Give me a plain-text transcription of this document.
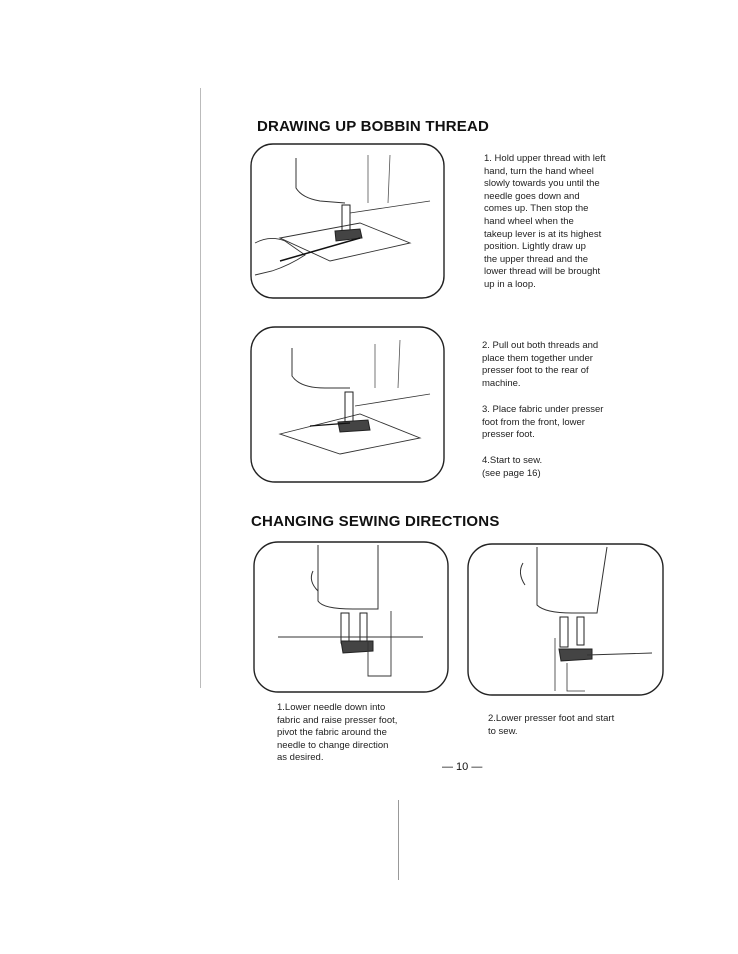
DRAWING UP BOBBIN THREAD
1. Hold upper thread with left
hand, turn the hand wheel
slowly towards you until the
needle goes down and
comes up. Then stop the
hand wheel when the
takeup lever is at its highest
position. Lightly draw up
the upper thread and the
lower thread will be brought
up in a loop.
2. Pull out both threads and
place them together under
presser foot to the rear of
machine.
3. Place fabric under presser
foot from the front, lower
presser foot.
4.Start to sew.
(see page 16)
CHANGING SEWING DIRECTIONS
1.Lower needle down into
fabric and raise presser foot,
pivot the fabric around the
needle to change direction
as desired.
2.Lower presser foot and start
to sew.
— 10 —
